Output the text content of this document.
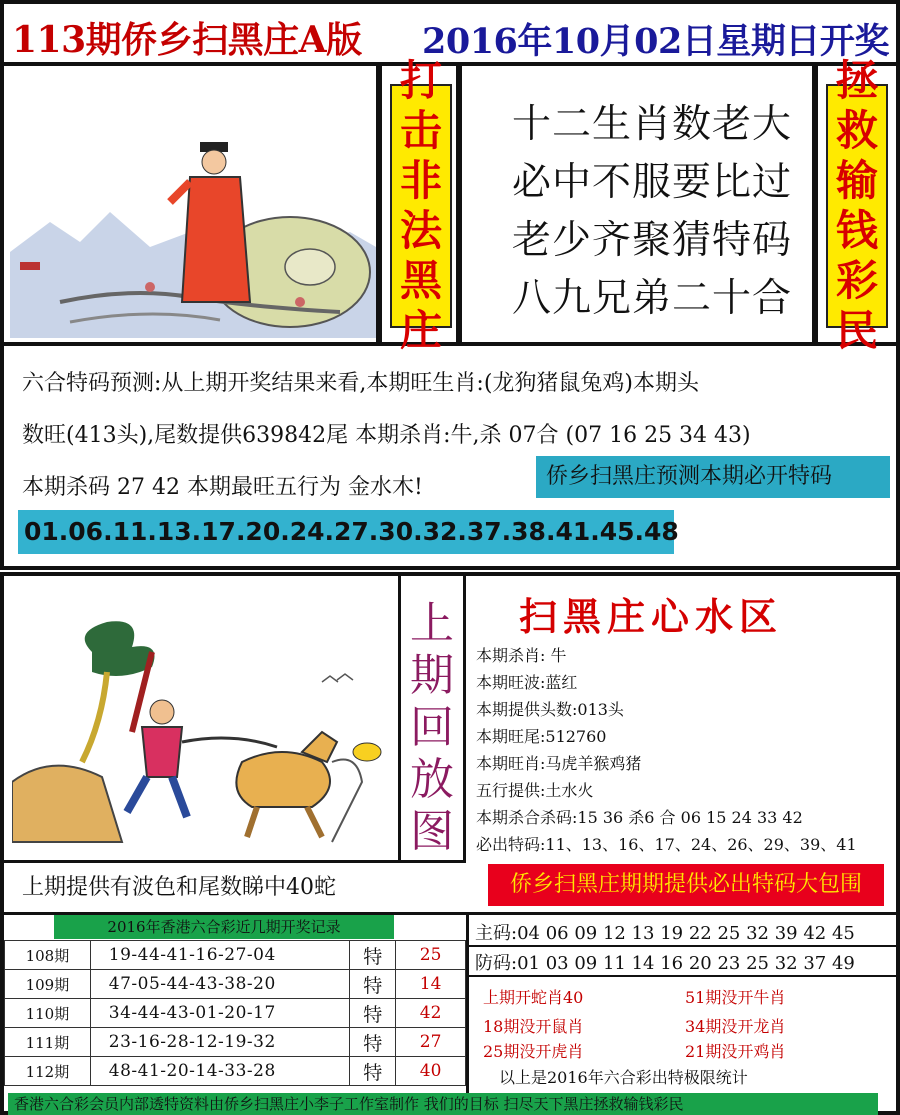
113期侨乡扫黑庄A版 2016年10月02日星期日开奖
打
击
非
法
黑
庄
十二生肖数老大
必中不服要比过
老少齐聚猜特码
八九兄弟二十合
拯
救
输
钱
彩
民
六合特码预测:从上期开奖结果来看,本期旺生肖:(龙狗猪鼠兔鸡)本期头
数旺(413头),尾数提供639842尾 本期杀肖:牛,杀 07合 (07 16 25 34 43)
本期杀码 27 42 本期最旺五行为 金水木!	侨乡扫黑庄预测本期必开特码
01.06.11.13.17.20.24.27.30.32.37.38.41.45.48
上
期
回
放
图
扫黑庄心水区
本期杀肖: 牛
本期旺波:蓝红
本期提供头数:013头
本期旺尾:512760
本期旺肖:马虎羊猴鸡猪
五行提供:土水火
本期杀合杀码:15 36 杀6 合 06 15 24 33 42
必出特码:11、13、16、17、24、26、29、39、41
上期提供有波色和尾数睇中40蛇	侨乡扫黑庄期期提供必出特码大包围
2016年香港六合彩近几期开奖记录
108期	19-44-41-16-27-04	特	25
109期	47-05-44-43-38-20	特	14
110期	34-44-43-01-20-17	特	42
111期	23-16-28-12-19-32	特	27
112期	48-41-20-14-33-28	特	40
主码:04 06 09 12 13 19 22 25 32 39 42 45
防码:01 03 09 11 14 16 20 23 25 32 37 49
上期开蛇肖40	51期没开牛肖
18期没开鼠肖	34期没开龙肖
25期没开虎肖	21期没开鸡肖
以上是2016年六合彩出特极限统计
香港六合彩会员内部透特资料由侨乡扫黑庄小李子工作室制作 我们的目标 扫尽天下黑庄拯救输钱彩民
